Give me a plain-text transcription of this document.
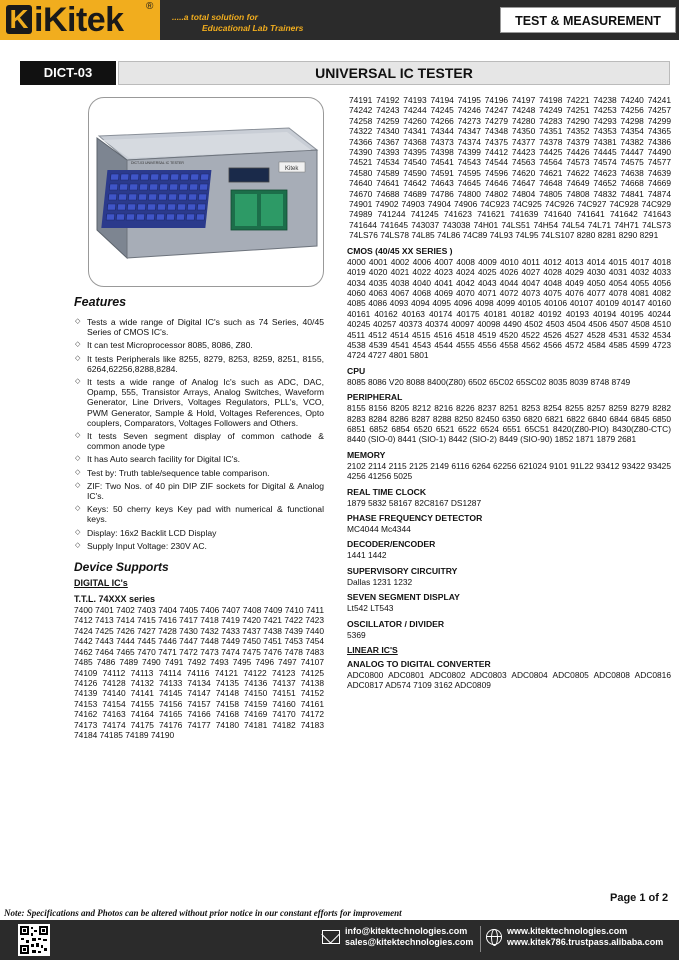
K iKitek ®
.....a total solution for
Educational Lab Trainers	TEST & MEASUREMENT
DICT-03	UNIVERSAL IC TESTER
Kitek
DICT-03 UNIVERSAL IC TESTER
Features
◇ Tests a wide range of Digital IC's such as 74 Series, 40/45 Series of CMOS IC's.
◇ It can test Microprocessor 8085, 8086, Z80.
◇ It tests Peripherals like 8255, 8279, 8253, 8259, 8251, 8155, 6264,62256,8288,8284.
◇ It tests a wide range of Analog Ic's such as ADC, DAC, Opamp, 555, Transistor Arrays, Analog Switches, Waveform Generator, Line Drivers, Voltages Regulators, PLL's, VCO, PWM Generator, Sample & Hold, Voltages References, Opto couplers, Comparators, Voltages Followers and Others.
◇ It tests Seven segment display of common cathode & common anode type
◇ It has Auto search facility for Digital IC's.
◇ Test by: Truth table/sequence table comparison.
◇ ZIF: Two Nos. of 40 pin DIP ZIF sockets for Digital & Analog IC's.
◇ Keys: 50 cherry keys Key pad with numerical & functional keys.
◇ Display: 16x2 Backlit LCD Display
◇ Supply Input Voltage: 230V AC.
Device Supports
DIGITAL IC's
T.T.L. 74XXX series
7400 7401 7402 7403 7404 7405 7406 7407 7408 7409 7410 7411 7412 7413 7414 7415 7416 7417 7418 7419 7420 7421 7422 7423 7424 7425 7426 7427 7428 7430 7432 7433 7437 7438 7439 7440 7442 7443 7444 7445 7446 7447 7448 7449 7450 7451 7453 7454 7462 7464 7465 7470 7471 7472 7473 7474 7475 7476 7478 7483 7485 7486 7489 7490 7491 7492 7493 7495 7496 7497 74107 74109 74112 74113 74114 74116 74121 74122 74123 74125 74126 74128 74132 74133 74134 74135 74136 74137 74138 74139 74140 74141 74145 74147 74148 74150 74151 74152 74153 74154 74155 74156 74157 74158 74159 74160 74161 74162 74163 74164 74165 74166 74168 74169 74170 74172 74173 74174 74175 74176 74177 74180 74181 74182 74183 74184 74185 74189 74190
74191 74192 74193 74194 74195 74196 74197 74198 74221 74238 74240 74241 74242 74243 74244 74245 74246 74247 74248 74249 74251 74253 74256 74257 74258 74259 74260 74266 74273 74279 74280 74283 74290 74293 74298 74299 74322 74340 74341 74344 74347 74348 74350 74351 74352 74353 74354 74365 74366 74367 74368 74373 74374 74375 74377 74378 74379 74381 74382 74386 74390 74393 74395 74398 74399 74412 74423 74425 74426 74445 74447 74490 74521 74534 74540 74541 74543 74544 74563 74564 74573 74574 74575 74577 74580 74589 74590 74591 74595 74596 74620 74621 74622 74623 74638 74639 74640 74641 74642 74643 74645 74646 74647 74648 74649 74652 74668 74669 74670 74688 74689 74786 74800 74802 74804 74805 74808 74832 74841 74874 74901 74902 74903 74904 74906 74C923 74C925 74C926 74C927 74C928 74C929 74989 741244 741245 741623 741621 741639 741640 741641 741642 741643 741644 741645 743037 743038 74H01 74LS51 74H54 74L54 74L71 74H71 74LS73 74LS76 74LS78 74L85 74L86 74C89 74L93 74L95 74LS107 8280 8281 8290 8291
CMOS (40/45 XX SERIES )
4000 4001 4002 4006 4007 4008 4009 4010 4011 4012 4013 4014 4015 4017 4018 4019 4020 4021 4022 4023 4024 4025 4026 4027 4028 4029 4030 4031 4032 4033 4034 4035 4038 4040 4041 4042 4043 4044 4047 4048 4049 4050 4054 4055 4056 4060 4063 4067 4068 4069 4070 4071 4072 4073 4075 4076 4077 4078 4081 4082 4085 4086 4093 4094 4095 4096 4098 4099 40105 40106 40107 40109 40147 40160 40161 40162 40163 40174 40175 40181 40182 40192 40193 40194 40195 40244 40245 40257 40373 40374 40097 40098 4490 4502 4503 4504 4506 4507 4508 4510 4511 4512 4514 4515 4516 4518 4519 4520 4522 4526 4527 4528 4531 4532 4534 4538 4539 4541 4543 4544 4555 4556 4558 4562 4566 4572 4584 4585 4599 4723 4724 4727 4801 5801
CPU
8085 8086 V20 8088 8400(Z80) 6502 65C02 65SC02 8035 8039 8748 8749
PERIPHERAL
8155 8156 8205 8212 8216 8226 8237 8251 8253 8254 8255 8257 8259 8279 8282 8283 8284 8286 8287 8288 8250 82450 6350 6820 6821 6822 6840 6844 6845 6850 6851 6852 6854 6520 6521 6522 6524 6551 65C51 8420(Z80-PIO) 8430(Z80-CTC) 8440 (SIO-0) 8441 (SIO-1) 8442 (SIO-2) 8449 (SIO-90) 1852 1871 1879 2681
MEMORY
2102 2114 2115 2125 2149 6116 6264 62256 621024 9101 91L22 93412 93422 93425 4256 41256 5025
REAL TIME CLOCK
1879 5832 58167 82C8167 DS1287
PHASE FREQUENCY DETECTOR
MC4044 Mc4344
DECODER/ENCODER
1441 1442
SUPERVISORY CIRCUITRY
Dallas 1231 1232
SEVEN SEGMENT DISPLAY
Lt542 LT543
OSCILLATOR / DIVIDER
5369
LINEAR IC'S
ANALOG TO DIGITAL CONVERTER
ADC0800 ADC0801 ADC0802 ADC0803 ADC0804 ADC0805 ADC0808 ADC0816 ADC0817 AD574 7109 3162 ADC0809
Page 1 of 2
Note: Specifications and Photos can be altered without prior notice in our constant efforts for improvement
info@kitektechnologies.com
sales@kitektechnologies.com
www.kitektechnologies.com
www.kitek786.trustpass.alibaba.com
